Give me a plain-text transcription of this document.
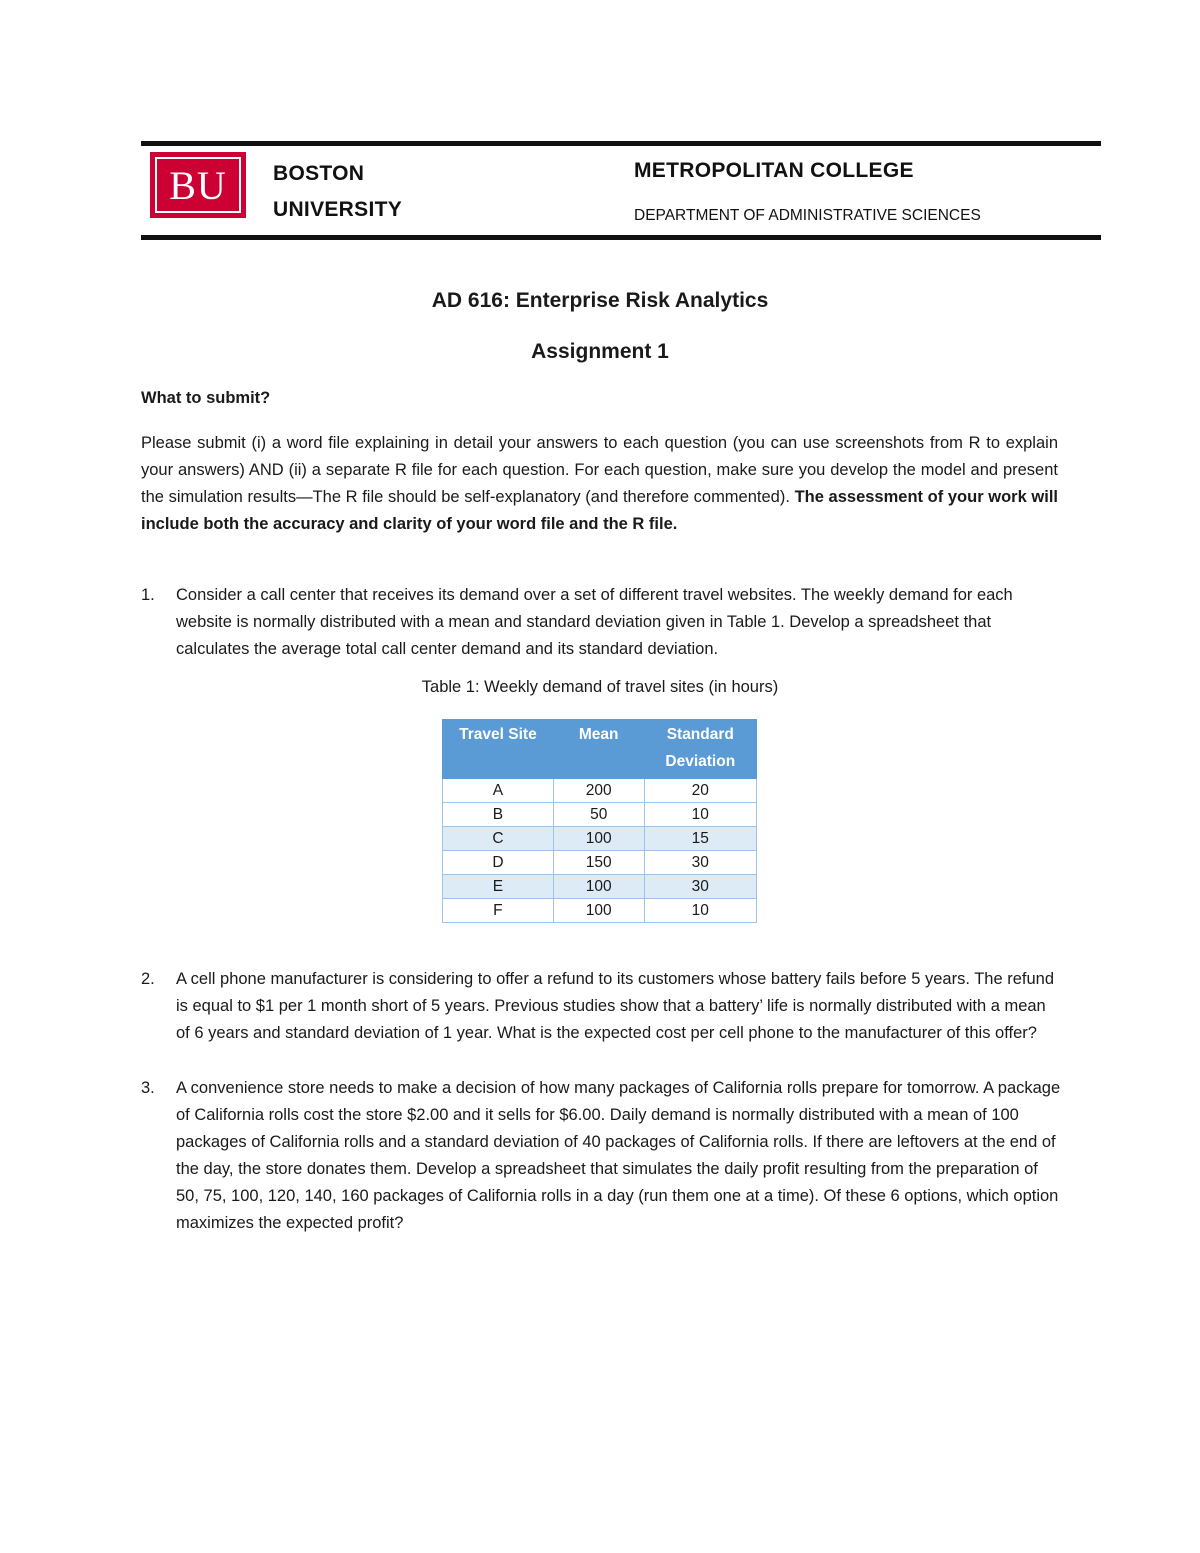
BU BOSTON
UNIVERSITY
METROPOLITAN COLLEGE
DEPARTMENT OF ADMINISTRATIVE SCIENCES
AD 616: Enterprise Risk Analytics
Assignment 1
What to submit?
Please submit (i) a word file explaining in detail your answers to each question (you can use screenshots from R to explain your answers) AND (ii) a separate R file for each question. For each question, make sure you develop the model and present the simulation results—The R file should be self-explanatory (and therefore commented). The assessment of your work will include both the accuracy and clarity of your word file and the R file.
1.	Consider a call center that receives its demand over a set of different travel websites. The weekly demand for each website is normally distributed with a mean and standard deviation given in Table 1. Develop a spreadsheet that calculates the average total call center demand and its standard deviation.
Table 1: Weekly demand of travel sites (in hours)
Travel Site	Mean	Standard Deviation
A	200	20
B	50	10
C	100	15
D	150	30
E	100	30
F	100	10
2.	A cell phone manufacturer is considering to offer a refund to its customers whose battery fails before 5 years. The refund is equal to $1 per 1 month short of 5 years. Previous studies show that a battery’ life is normally distributed with a mean of 6 years and standard deviation of 1 year. What is the expected cost per cell phone to the manufacturer of this offer?
3.	A convenience store needs to make a decision of how many packages of California rolls prepare for tomorrow. A package of California rolls cost the store $2.00 and it sells for $6.00. Daily demand is normally distributed with a mean of 100 packages of California rolls and a standard deviation of 40 packages of California rolls. If there are leftovers at the end of the day, the store donates them. Develop a spreadsheet that simulates the daily profit resulting from the preparation of 50, 75, 100, 120, 140, 160 packages of California rolls in a day (run them one at a time). Of these 6 options, which option maximizes the expected profit?
